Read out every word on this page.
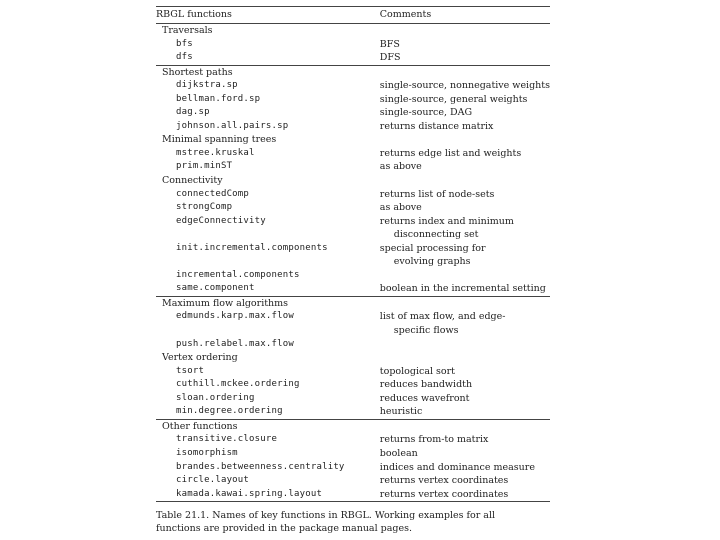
RBGL functions	Comments
Traversals	
bfs	BFS
dfs	DFS
Shortest paths	
dijkstra.sp	single-source, nonnegative weights
bellman.ford.sp	single-source, general weights
dag.sp	single-source, DAG
johnson.all.pairs.sp	returns distance matrix
Minimal spanning trees	
mstree.kruskal	returns edge list and weights
prim.minST	as above
Connectivity	
connectedComp	returns list of node-sets
strongComp	as above
edgeConnectivity	returns index and minimum
disconnecting set

init.incremental.components	special processing for
evolving graphs

incremental.components	
same.component	boolean in the incremental setting
Maximum flow algorithms	
edmunds.karp.max.flow	list of max flow, and edge-
specific flows

push.relabel.max.flow	
Vertex ordering	
tsort	topological sort
cuthill.mckee.ordering	reduces bandwidth
sloan.ordering	reduces wavefront
min.degree.ordering	heuristic
Other functions	
transitive.closure	returns from-to matrix
isomorphism	boolean
brandes.betweenness.centrality	indices and dominance measure
circle.layout	returns vertex coordinates
kamada.kawai.spring.layout	returns vertex coordinates
Table 21.1. Names of key functions in RBGL. Working examples for all functions are provided in the package manual pages.
